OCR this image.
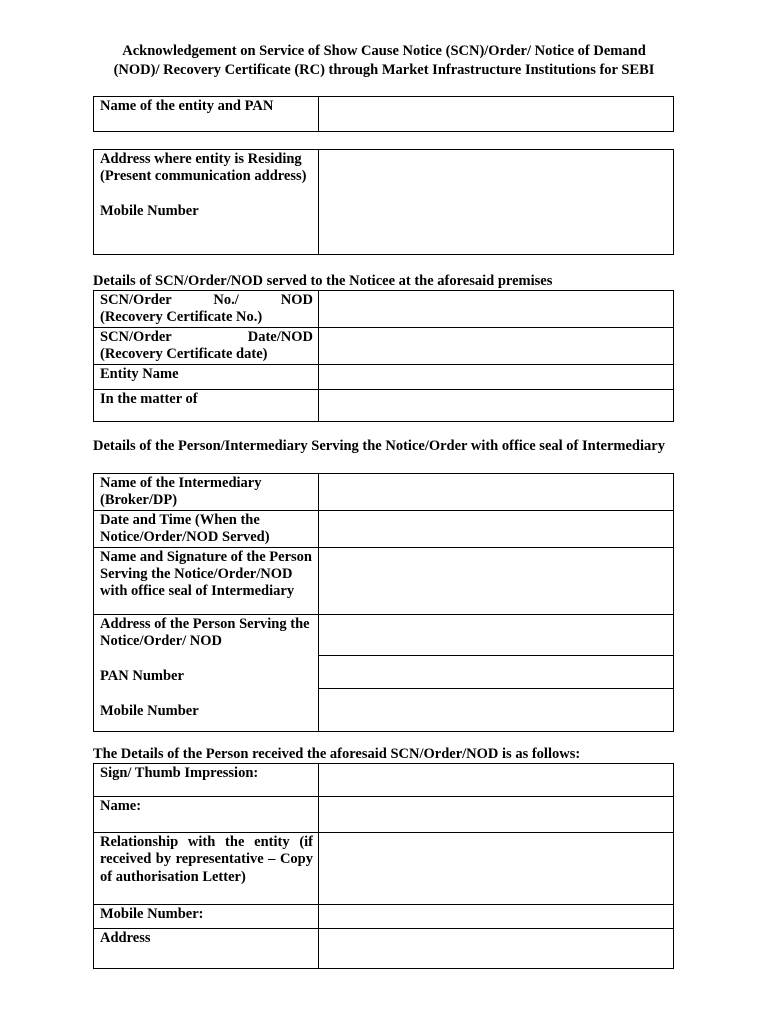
Acknowledgement on Service of Show Cause Notice (SCN)/Order/ Notice of Demand
(NOD)/ Recovery Certificate (RC) through Market Infrastructure Institutions for SEBI
Name of the entity and PAN	
Address where entity is Residing (Present communication address)
Mobile Number	
Details of SCN/Order/NOD served to the Noticee at the aforesaid premises
SCN/Order No./ NOD
(Recovery Certificate No.)	

SCN/Order Date/NOD
(Recovery Certificate date)	
Entity Name	
In the matter of	
Details of the Person/Intermediary Serving the Notice/Order with office seal of Intermediary
Name of the Intermediary (Broker/DP)	
Date and Time (When the Notice/Order/NOD Served)	
Name and Signature of the Person Serving the Notice/Order/NOD with office seal of Intermediary	
Address of the Person Serving the Notice/Order/ NOD
PAN Number
Mobile Number	

The Details of the Person received the aforesaid SCN/Order/NOD is as follows:
Sign/ Thumb Impression:	
Name:	
Relationship with the entity (if received by representative – Copy of authorisation Letter)	
Mobile Number:	
Address	
